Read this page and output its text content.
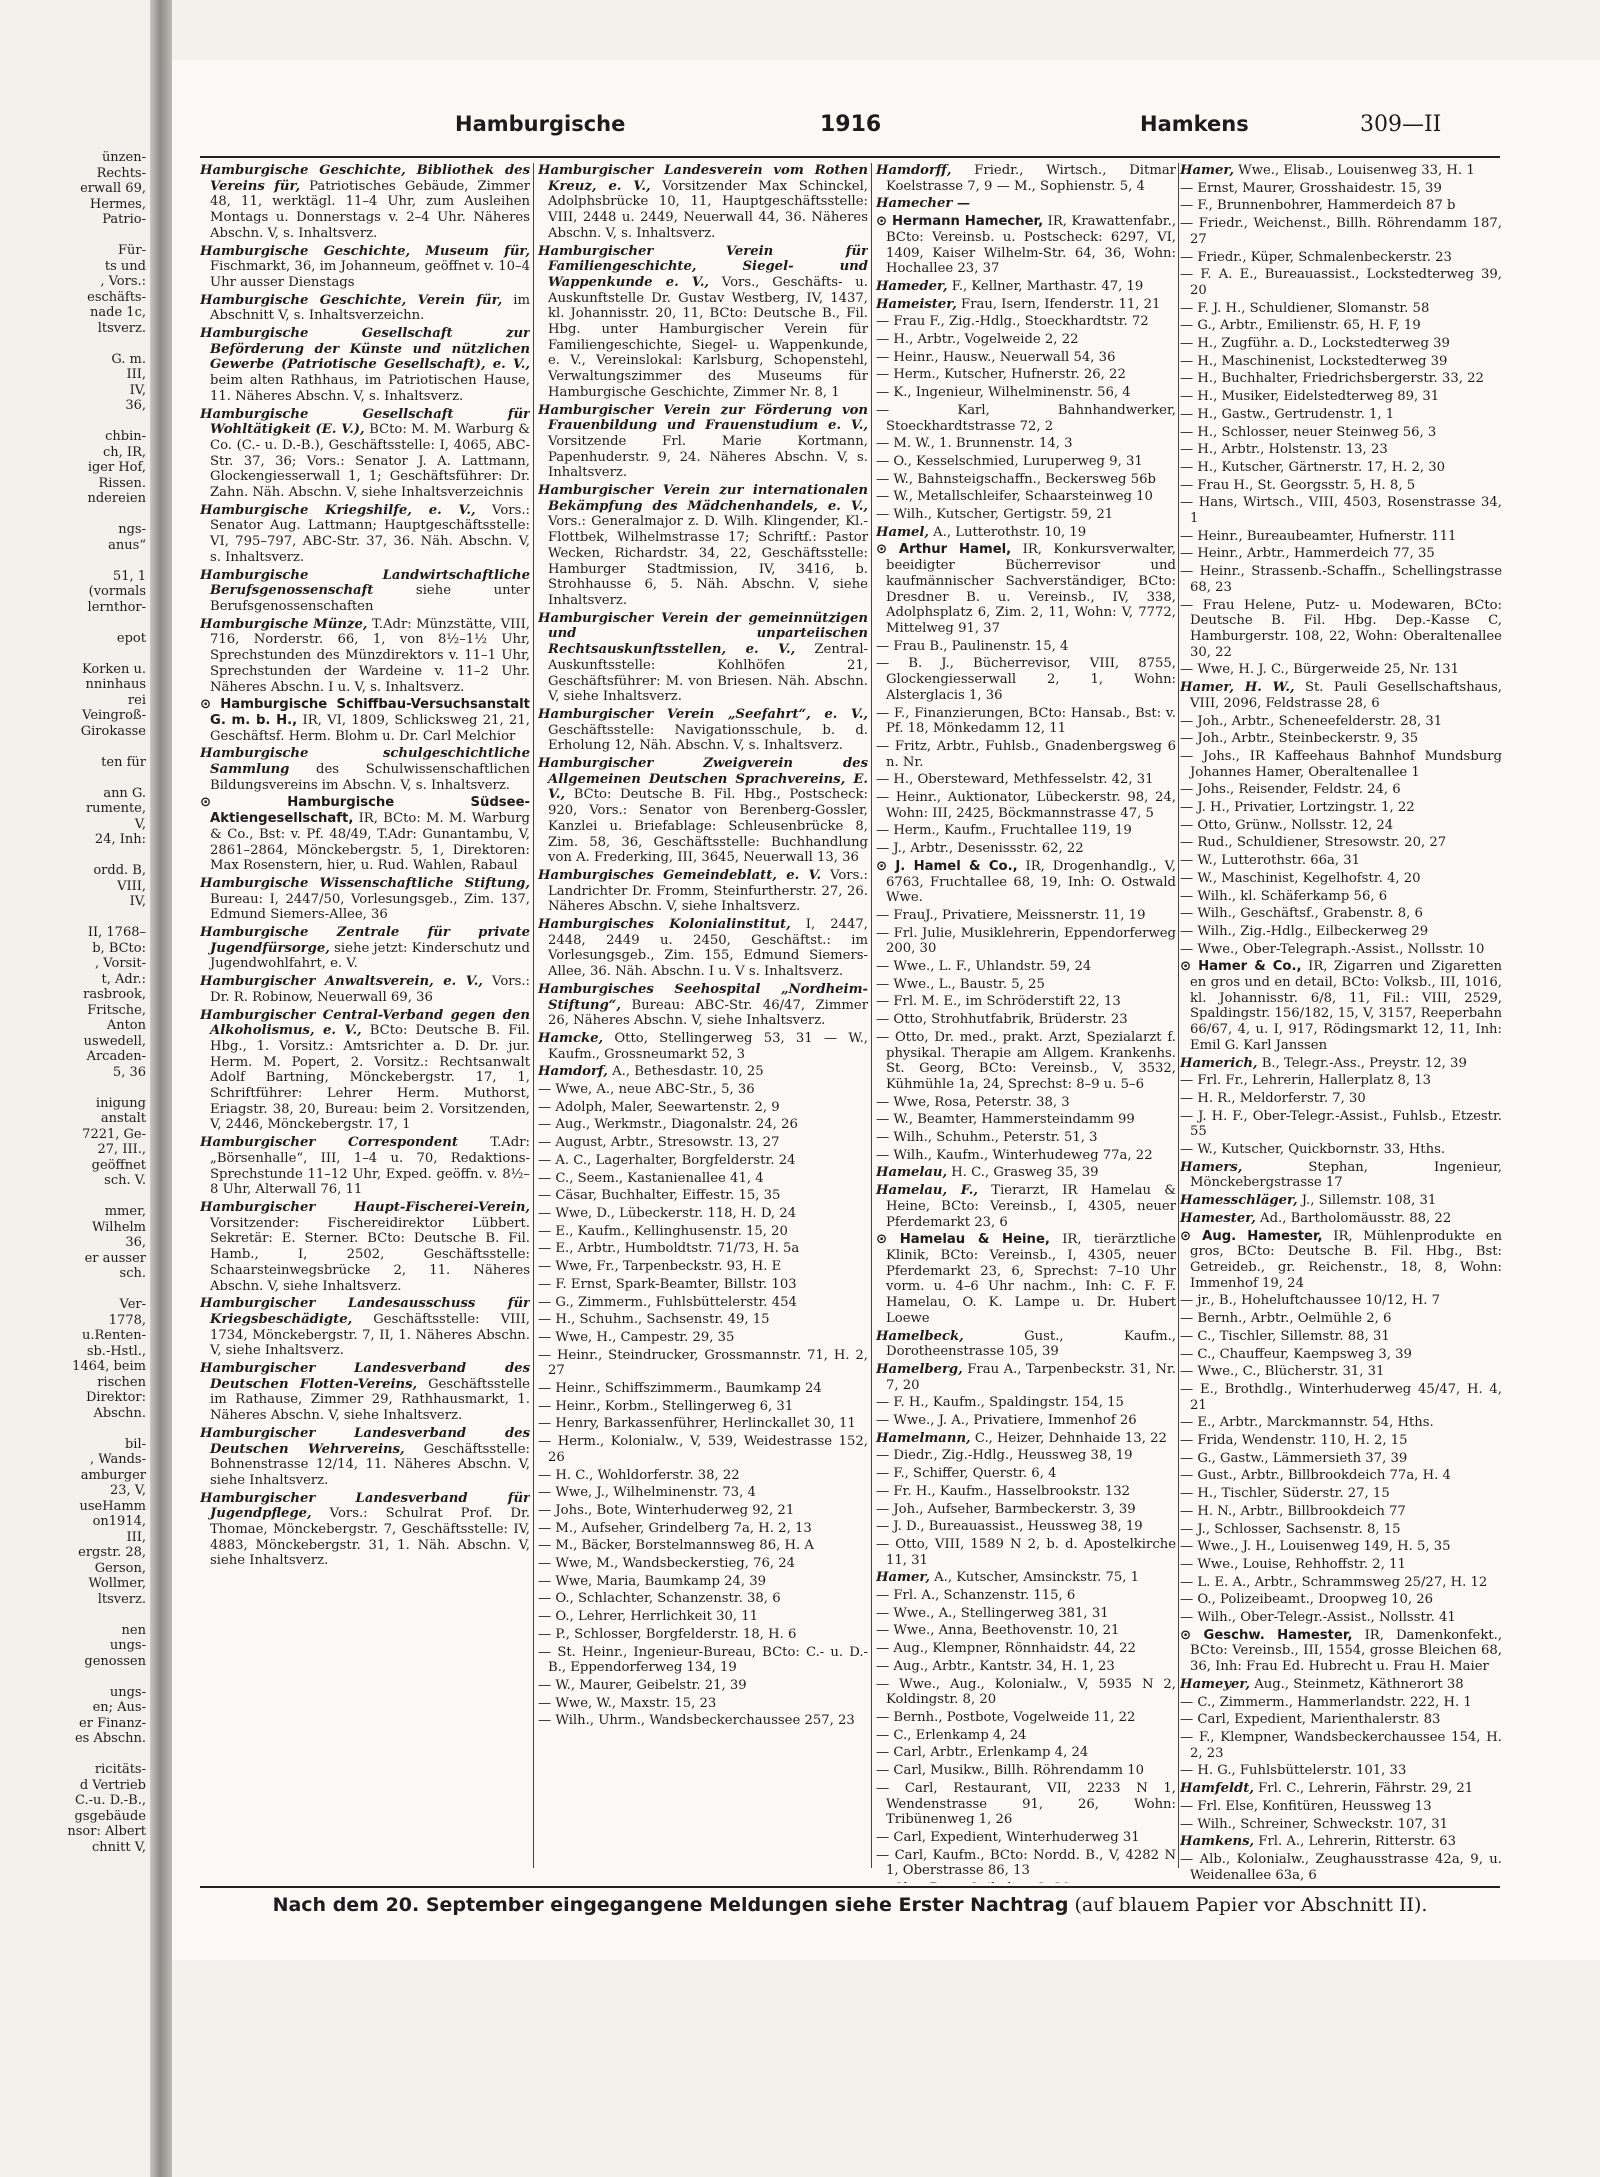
ünzen-
Rechts-
erwall 69,
Hermes,
Patrio-

Für-
ts und
, Vors.:
eschäfts-
nade 1c,
ltsverz.

G. m.
III,
IV,
36,

chbin-
ch, IR,
iger Hof,
Rissen.
ndereien

ngs-
anus“

51, 1
(vormals
lernthor-

epot

Korken u.
nninhaus
rei
Veingroß-
Girokasse

ten für

ann G.
rumente,
V,
24, Inh:

ordd. B,
VIII,
IV,

II, 1768–
b, BCto:
, Vorsit-
t, Adr.:
rasbrook,
Fritsche,
Anton
uswedell,
Arcaden-
5, 36

inigung
anstalt
7221, Ge-
27, III.,
geöffnet
sch. V.

mmer,
Wilhelm
36,
er ausser
sch.

Ver-
1778,
u.Renten-
sb.-Hstl.,
1464, beim
rischen
Direktor:
Abschn.

bil-
, Wands-
amburger
23, V,
useHamm
on1914,
III,
ergstr. 28,
Gerson,
Wollmer,
ltsverz.

nen
ungs-
genossen

ungs-
en; Aus-
er Finanz-
es Abschn.

ricitäts-
d Vertrieb
C.-u. D.-B.,
gsgebäude
nsor: Albert
chnitt V,
Hamburgische	1916	Hamkens	309—II
Hamburgische Geschichte, Bibliothek des Vereins für, Patriotisches Gebäude, Zimmer 48, 11, werktägl. 11–4 Uhr, zum Ausleihen Montags u. Donnerstags v. 2–4 Uhr. Näheres Abschn. V, s. Inhaltsverz.
Hamburgische Geschichte, Museum für, Fischmarkt, 36, im Johanneum, geöffnet v. 10–4 Uhr ausser Dienstags
Hamburgische Geschichte, Verein für, im Abschnitt V, s. Inhaltsverzeichn.
Hamburgische Gesellschaft zur Beförderung der Künste und nützlichen Gewerbe (Patriotische Gesellschaft), e. V., beim alten Rathhaus, im Patriotischen Hause, 11. Näheres Abschn. V, s. Inhaltsverz.
Hamburgische Gesellschaft für Wohltätigkeit (E. V.), BCto: M. M. Warburg & Co. (C.- u. D.-B.), Geschäftsstelle: I, 4065, ABC-Str. 37, 36; Vors.: Senator J. A. Lattmann, Glockengiesserwall 1, 1; Geschäftsführer: Dr. Zahn. Näh. Abschn. V, siehe Inhaltsverzeichnis
Hamburgische Kriegshilfe, e. V., Vors.: Senator Aug. Lattmann; Hauptgeschäftsstelle: VI, 795–797, ABC-Str. 37, 36. Näh. Abschn. V, s. Inhaltsverz.
Hamburgische Landwirtschaftliche Berufsgenossenschaft	siehe unter Berufsgenossenschaften
Hamburgische Münze, T.Adr: Münzstätte, VIII, 716, Norderstr. 66, 1, von 8½–1½ Uhr, Sprechstunden des Münzdirektors v. 11–1 Uhr, Sprechstunden der Wardeine v. 11–2 Uhr. Näheres Abschn. I u. V, s. Inhaltsverz.
⊙ Hamburgische Schiffbau-Versuchsanstalt G. m. b. H., IR, VI, 1809, Schlicksweg 21, 21, Geschäftsf. Herm. Blohm u. Dr. Carl Melchior
Hamburgische schulgeschichtliche Sammlung des Schulwissenschaftlichen Bildungsvereins im Abschn. V, s. Inhaltsverz.
⊙ Hamburgische Südsee-Aktiengesellschaft, IR, BCto: M. M. Warburg & Co., Bst: v. Pf. 48/49, T.Adr: Gunantambu, V, 2861–2864, Mönckebergstr. 5, 1, Direktoren: Max Rosenstern, hier, u. Rud. Wahlen, Rabaul
Hamburgische Wissenschaftliche Stiftung, Bureau: I, 2447/50, Vorlesungsgeb., Zim. 137, Edmund Siemers-Allee, 36
Hamburgische Zentrale für private Jugendfürsorge, siehe jetzt: Kinderschutz und Jugendwohlfahrt, e. V.
Hamburgischer Anwaltsverein, e. V., Vors.: Dr. R. Robinow, Neuerwall 69, 36
Hamburgischer Central-Verband gegen den Alkoholismus, e. V., BCto: Deutsche B. Fil. Hbg., 1. Vorsitz.: Amtsrichter a. D. Dr. jur. Herm. M. Popert, 2. Vorsitz.: Rechtsanwalt Adolf Bartning, Mönckebergstr. 17, 1, Schriftführer: Lehrer Herm. Muthorst, Eriagstr. 38, 20, Bureau: beim 2. Vorsitzenden, V, 2446, Mönckebergstr. 17, 1
Hamburgischer Correspondent T.Adr: „Börsenhalle“, III, 1–4 u. 70, Redaktions-Sprechstunde 11–12 Uhr, Exped. geöffn. v. 8½–8 Uhr, Alterwall 76, 11
Hamburgischer Haupt-Fischerei-Verein, Vorsitzender: Fischereidirektor Lübbert. Sekretär: E. Sterner. BCto: Deutsche B. Fil. Hamb., I, 2502, Geschäftsstelle: Schaarsteinwegsbrücke 2, 11. Näheres Abschn. V, siehe Inhaltsverz.
Hamburgischer Landesausschuss für Kriegsbeschädigte, Geschäftsstelle: VIII, 1734, Mönckebergstr. 7, II, 1. Näheres Abschn. V, siehe Inhaltsverz.
Hamburgischer Landesverband des Deutschen Flotten-Vereins, Geschäftsstelle im Rathause, Zimmer 29, Rathhausmarkt, 1. Näheres Abschn. V, siehe Inhaltsverz.
Hamburgischer Landesverband des Deutschen Wehrvereins, Geschäftsstelle: Bohnenstrasse 12/14, 11. Näheres Abschn. V, siehe Inhaltsverz.
Hamburgischer Landesverband für Jugendpflege, Vors.: Schulrat Prof. Dr. Thomae, Mönckebergstr. 7, Geschäftsstelle: IV, 4883, Mönckebergstr. 31, 1. Näh. Abschn. V, siehe Inhaltsverz.
Hamburgischer Landesverein vom Rothen Kreuz, e. V., Vorsitzender Max Schinckel, Adolphsbrücke 10, 11, Hauptgeschäftsstelle: VIII, 2448 u. 2449, Neuerwall 44, 36. Näheres Abschn. V, s. Inhaltsverz.
Hamburgischer Verein für Familiengeschichte, Siegel- und Wappenkunde e. V., Vors., Geschäfts- u. Auskunftstelle Dr. Gustav Westberg, IV, 1437, kl. Johannisstr. 20, 11, BCto: Deutsche B., Fil. Hbg. unter Hamburgischer Verein für Familiengeschichte, Siegel- u. Wappenkunde, e. V., Vereinslokal: Karlsburg, Schopenstehl, Verwaltungszimmer des Museums für Hamburgische Geschichte, Zimmer Nr. 8, 1
Hamburgischer Verein zur Förderung von Frauenbildung und Frauenstudium e. V., Vorsitzende Frl. Marie Kortmann, Papenhuderstr. 9, 24. Näheres Abschn. V, s. Inhaltsverz.
Hamburgischer Verein zur internationalen Bekämpfung des Mädchenhandels, e. V., Vors.: Generalmajor z. D. Wilh. Klingender, Kl.-Flottbek, Wilhelmstrasse 17; Schriftf.: Pastor Wecken, Richardstr. 34, 22, Geschäftsstelle: Hamburger Stadtmission, IV, 3416, b. Strohhausse 6, 5. Näh. Abschn. V, siehe Inhaltsverz.
Hamburgischer Verein der gemeinnützigen und unparteiischen Rechtsauskunftsstellen, e. V., Zentral-Auskunftsstelle: Kohlhöfen 21, Geschäftsführer: M. von Briesen. Näh. Abschn. V, siehe Inhaltsverz.
Hamburgischer Verein „Seefahrt“, e. V., Geschäftsstelle: Navigationsschule, b. d. Erholung 12, Näh. Abschn. V, s. Inhaltsverz.
Hamburgischer Zweigverein des Allgemeinen Deutschen Sprachvereins, E. V., BCto: Deutsche B. Fil. Hbg., Postscheck: 920, Vors.: Senator von Berenberg-Gossler, Kanzlei u. Briefablage: Schleusenbrücke 8, Zim. 58, 36, Geschäftsstelle: Buchhandlung von A. Frederking, III, 3645, Neuerwall 13, 36
Hamburgisches Gemeindeblatt, e. V. Vors.: Landrichter Dr. Fromm, Steinfurtherstr. 27, 26. Näheres Abschn. V, siehe Inhaltsverz.
Hamburgisches Kolonialinstitut, I, 2447, 2448, 2449 u. 2450, Geschäftst.: im Vorlesungsgeb., Zim. 155, Edmund Siemers-Allee, 36. Näh. Abschn. I u. V s. Inhaltsverz.
Hamburgisches Seehospital „Nordheim-Stiftung“, Bureau: ABC-Str. 46/47, Zimmer 26, Näheres Abschn. V, siehe Inhaltsverz.
Hamcke, Otto, Stellingerweg 53, 31 — W., Kaufm., Grossneumarkt 52, 3
Hamdorf, A., Bethesdastr. 10, 25
— Wwe, A., neue ABC-Str., 5, 36
— Adolph, Maler, Seewartenstr. 2, 9
— Aug., Werkmstr., Diagonalstr. 24, 26
— August, Arbtr., Stresowstr. 13, 27
— A. C., Lagerhalter, Borgfelderstr. 24
— C., Seem., Kastanienallee 41, 4
— Cäsar, Buchhalter, Eiffestr. 15, 35
— Wwe, D., Lübeckerstr. 118, H. D, 24
— E., Kaufm., Kellinghusenstr. 15, 20
— E., Arbtr., Humboldtstr. 71/73, H. 5a
— Wwe, Fr., Tarpenbeckstr. 93, H. E
— F. Ernst, Spark-Beamter, Billstr. 103
— G., Zimmerm., Fuhlsbüttelerstr. 454
— H., Schuhm., Sachsenstr. 49, 15
— Wwe, H., Campestr. 29, 35
— Heinr., Steindrucker, Grossmannstr. 71, H. 2, 27
— Heinr., Schiffszimmerm., Baumkamp 24
— Heinr., Korbm., Stellingerweg 6, 31
— Henry, Barkassenführer, Herlinckallet 30, 11
— Herm., Kolonialw., V, 539, Weidestrasse 152, 26
— H. C., Wohldorferstr. 38, 22
— Wwe, J., Wilhelminenstr. 73, 4
— Johs., Bote, Winterhuderweg 92, 21
— M., Aufseher, Grindelberg 7a, H. 2, 13
— M., Bäcker, Borstelmannsweg 86, H. A
— Wwe, M., Wandsbeckerstieg, 76, 24
— Wwe, Maria, Baumkamp 24, 39
— O., Schlachter, Schanzenstr. 38, 6
— O., Lehrer, Herrlichkeit 30, 11
— P., Schlosser, Borgfelderstr. 18, H. 6
— St. Heinr., Ingenieur-Bureau, BCto: C.- u. D.-B., Eppendorferweg 134, 19
— W., Maurer, Geibelstr. 21, 39
— Wwe, W., Maxstr. 15, 23
— Wilh., Uhrm., Wandsbeckerchaussee 257, 23
Hamdorff, Friedr., Wirtsch., Ditmar Koelstrasse 7, 9 — M., Sophienstr. 5, 4
Hamecher —
⊙ Hermann Hamecher, IR, Krawattenfabr., BCto: Vereinsb. u. Postscheck: 6297, VI, 1409, Kaiser Wilhelm-Str. 64, 36, Wohn: Hochallee 23, 37
Hameder, F., Kellner, Marthastr. 47, 19
Hameister, Frau, Isern, Ifenderstr. 11, 21
— Frau F., Zig.-Hdlg., Stoeckhardtstr. 72
— H., Arbtr., Vogelweide 2, 22
— Heinr., Hausw., Neuerwall 54, 36
— Herm., Kutscher, Hufnerstr. 26, 22
— K., Ingenieur, Wilhelminenstr. 56, 4
— Karl, Bahnhandwerker, Stoeckhardtstrasse 72, 2
— M. W., 1. Brunnenstr. 14, 3
— O., Kesselschmied, Luruperweg 9, 31
— W., Bahnsteigschaffn., Beckersweg 56b
— W., Metallschleifer, Schaarsteinweg 10
— Wilh., Kutscher, Gertigstr. 59, 21
Hamel, A., Lutterothstr. 10, 19
⊙ Arthur Hamel, IR, Konkursverwalter, beeidigter Bücherrevisor und kaufmännischer Sachverständiger, BCto: Dresdner B. u. Vereinsb., IV, 338, Adolphsplatz 6, Zim. 2, 11, Wohn: V, 7772, Mittelweg 91, 37
— Frau B., Paulinenstr. 15, 4
— B. J., Bücherrevisor, VIII, 8755, Glockengiesserwall 2, 1, Wohn: Alsterglacis 1, 36
— F., Finanzierungen, BCto: Hansab., Bst: v. Pf. 18, Mönkedamm 12, 11
— Fritz, Arbtr., Fuhlsb., Gnadenbergsweg 6 n. Nr.
— H., Obersteward, Methfesselstr. 42, 31
— Heinr., Auktionator, Lübeckerstr. 98, 24, Wohn: III, 2425, Böckmannstrasse 47, 5
— Herm., Kaufm., Fruchtallee 119, 19
— J., Arbtr., Desenissstr. 62, 22
⊙ J. Hamel & Co., IR, Drogenhandlg., V, 6763, Fruchtallee 68, 19, Inh: O. Ostwald Wwe.
— FrauJ., Privatiere, Meissnerstr. 11, 19
— Frl. Julie, Musiklehrerin, Eppendorferweg 200, 30
— Wwe., L. F., Uhlandstr. 59, 24
— Wwe., L., Baustr. 5, 25
— Frl. M. E., im Schröderstift 22, 13
— Otto, Strohhutfabrik, Brüderstr. 23
— Otto, Dr. med., prakt. Arzt, Spezialarzt f. physikal. Therapie am Allgem. Krankenhs. St. Georg, BCto: Vereinsb., V, 3532, Kühmühle 1a, 24, Sprechst: 8–9 u. 5–6
— Wwe, Rosa, Peterstr. 38, 3
— W., Beamter, Hammersteindamm 99
— Wilh., Schuhm., Peterstr. 51, 3
— Wilh., Kaufm., Winterhudeweg 77a, 22
Hamelau, H. C., Grasweg 35, 39
Hamelau, F., Tierarzt, IR Hamelau & Heine, BCto: Vereinsb., I, 4305, neuer Pferdemarkt 23, 6
⊙ Hamelau & Heine, IR, tierärztliche Klinik, BCto: Vereinsb., I, 4305, neuer Pferdemarkt 23, 6, Sprechst: 7–10 Uhr vorm. u. 4–6 Uhr nachm., Inh: C. F. F. Hamelau, O. K. Lampe u. Dr. Hubert Loewe
Hamelbeck,	Gust., Kaufm., Dorotheenstrasse 105, 39
Hamelberg, Frau A., Tarpenbeckstr. 31, Nr. 7, 20
— F. H., Kaufm., Spaldingstr. 154, 15
— Wwe., J. A., Privatiere, Immenhof 26
Hamelmann, C., Heizer, Dehnhaide 13, 22
— Diedr., Zig.-Hdlg., Heussweg 38, 19
— F., Schiffer, Querstr. 6, 4
— Fr. H., Kaufm., Hasselbrookstr. 132
— Joh., Aufseher, Barmbeckerstr. 3, 39
— J. D., Bureauassist., Heussweg 38, 19
— Otto, VIII, 1589 N 2, b. d. Apostelkirche 11, 31
Hamer, A., Kutscher, Amsinckstr. 75, 1
— Frl. A., Schanzenstr. 115, 6
— Wwe., A., Stellingerweg 381, 31
— Wwe., Anna, Beethovenstr. 10, 21
— Aug., Klempner, Rönnhaidstr. 44, 22
— Aug., Arbtr., Kantstr. 34, H. 1, 23
— Wwe., Aug., Kolonialw., V, 5935 N 2, Koldingstr. 8, 20
— Bernh., Postbote, Vogelweide 11, 22
— C., Erlenkamp 4, 24
— Carl, Arbtr., Erlenkamp 4, 24
— Carl, Musikw., Billh. Röhrendamm 10
— Carl, Restaurant, VII, 2233 N 1, Wendenstrasse 91, 26, Wohn: Tribünenweg 1, 26
— Carl, Expedient, Winterhuderweg 31
— Carl, Kaufm., BCto: Nordd. B., V, 4282 N 1, Oberstrasse 86, 13
Hamer, Wwe., Elisab., Louisenweg 33, H. 1
— Ernst, Maurer, Grosshaidestr. 15, 39
— F., Brunnenbohrer, Hammerdeich 87 b
— Friedr., Weichenst., Billh. Röhrendamm 187, 27
— Friedr., Küper, Schmalenbeckerstr. 23
— F. A. E., Bureauassist., Lockstedterweg 39, 20
— F. J. H., Schuldiener, Slomanstr. 58
— G., Arbtr., Emilienstr. 65, H. F, 19
— H., Zugführ. a. D., Lockstedterweg 39
— H., Maschinenist, Lockstedterweg 39
— H., Buchhalter, Friedrichsbergerstr. 33, 22
— H., Musiker, Eidelstedterweg 89, 31
— H., Gastw., Gertrudenstr. 1, 1
— H., Schlosser, neuer Steinweg 56, 3
— H., Arbtr., Holstenstr. 13, 23
— H., Kutscher, Gärtnerstr. 17, H. 2, 30
— Frau H., St. Georgsstr. 5, H. 8, 5
— Hans, Wirtsch., VIII, 4503, Rosenstrasse 34, 1
— Heinr., Bureaubeamter, Hufnerstr. 111
— Heinr., Arbtr., Hammerdeich 77, 35
— Heinr., Strassenb.-Schaffn., Schellingstrasse 68, 23
— Frau Helene, Putz- u. Modewaren, BCto: Deutsche B. Fil. Hbg. Dep.-Kasse C, Hamburgerstr. 108, 22, Wohn: Oberaltenallee 30, 22
— Wwe, H. J. C., Bürgerweide 25, Nr. 131
Hamer, H. W., St. Pauli Gesellschaftshaus, VIII, 2096, Feldstrasse 28, 6
— Joh., Arbtr., Scheneefelderstr. 28, 31
— Joh., Arbtr., Steinbeckerstr. 9, 35
— Johs., IR Kaffeehaus Bahnhof Mundsburg Johannes Hamer, Oberaltenallee 1
— Johs., Reisender, Feldstr. 24, 6
— J. H., Privatier, Lortzingstr. 1, 22
— Otto, Grünw., Nollsstr. 12, 24
— Rud., Schuldiener, Stresowstr. 20, 27
— W., Lutterothstr. 66a, 31
— W., Maschinist, Kegelhofstr. 4, 20
— Wilh., kl. Schäferkamp 56, 6
— Wilh., Geschäftsf., Grabenstr. 8, 6
— Wilh., Zig.-Hdlg., Eilbeckerweg 29
— Wwe., Ober-Telegraph.-Assist., Nollsstr. 10
⊙ Hamer & Co., IR, Zigarren und Zigaretten en gros und en detail, BCto: Volksb., III, 1016, kl. Johannisstr. 6/8, 11, Fil.: VIII, 2529, Spaldingstr. 156/182, 15, V, 3157, Reeperbahn 66/67, 4, u. I, 917, Rödingsmarkt 12, 11, Inh: Emil G. Karl Janssen
Hamerich, B., Telegr.-Ass., Preystr. 12, 39
— Frl. Fr., Lehrerin, Hallerplatz 8, 13
— H. R., Meldorferstr. 7, 30
— J. H. F., Ober-Telegr.-Assist., Fuhlsb., Etzestr. 55
— W., Kutscher, Quickbornstr. 33, Hths.
Hamers,	Stephan, Ingenieur, Mönckebergstrasse 17
Hamesschläger, J., Sillemstr. 108, 31
Hamester, Ad., Bartholomäusstr. 88, 22
⊙ Aug. Hamester, IR, Mühlenprodukte en gros, BCto: Deutsche B. Fil. Hbg., Bst: Getreideb., gr. Reichenstr., 18, 8, Wohn: Immenhof 19, 24
— jr., B., Hoheluftchaussee 10/12, H. 7
— Bernh., Arbtr., Oelmühle 2, 6
— C., Tischler, Sillemstr. 88, 31
— C., Chauffeur, Kaempsweg 3, 39
— Wwe., C., Blücherstr. 31, 31
— E., Brothdlg., Winterhuderweg 45/47, H. 4, 21
— E., Arbtr., Marckmannstr. 54, Hths.
— Frida, Wendenstr. 110, H. 2, 15
— G., Gastw., Lämmersieth 37, 39
— Gust., Arbtr., Billbrookdeich 77a, H. 4
— H., Tischler, Süderstr. 27, 15
— H. N., Arbtr., Billbrookdeich 77
— J., Schlosser, Sachsenstr. 8, 15
— Wwe., J. H., Louisenweg 149, H. 5, 35
— Wwe., Louise, Rehhoffstr. 2, 11
— L. E. A., Arbtr., Schrammsweg 25/27, H. 12
— O., Polizeibeamt., Droopweg 10, 26
— Wilh., Ober-Telegr.-Assist., Nollsstr. 41
⊙ Geschw. Hamester, IR, Damenkonfekt., BCto: Vereinsb., III, 1554, grosse Bleichen 68, 36, Inh: Frau Ed. Hubrecht u. Frau H. Maier
Hameyer, Aug., Steinmetz, Käthnerort 38
— C., Zimmerm., Hammerlandstr. 222, H. 1
— Carl, Expedient, Marienthalerstr. 83
— F., Klempner, Wandsbeckerchaussee 154, H. 2, 23
— H. G., Fuhlsbüttelerstr. 101, 33
Hamfeldt, Frl. C., Lehrerin, Fährstr. 29, 21
— Frl. Else, Konfitüren, Heussweg 13
— Wilh., Schreiner, Schweckstr. 107, 31
Hamkens, Frl. A., Lehrerin, Ritterstr. 63
— Alb., Kolonialw., Zeughausstrasse 42a, 9, u. Weidenallee 63a, 6
Nach dem 20. September eingegangene Meldungen siehe Erster Nachtrag (auf blauem Papier vor Abschnitt II).
